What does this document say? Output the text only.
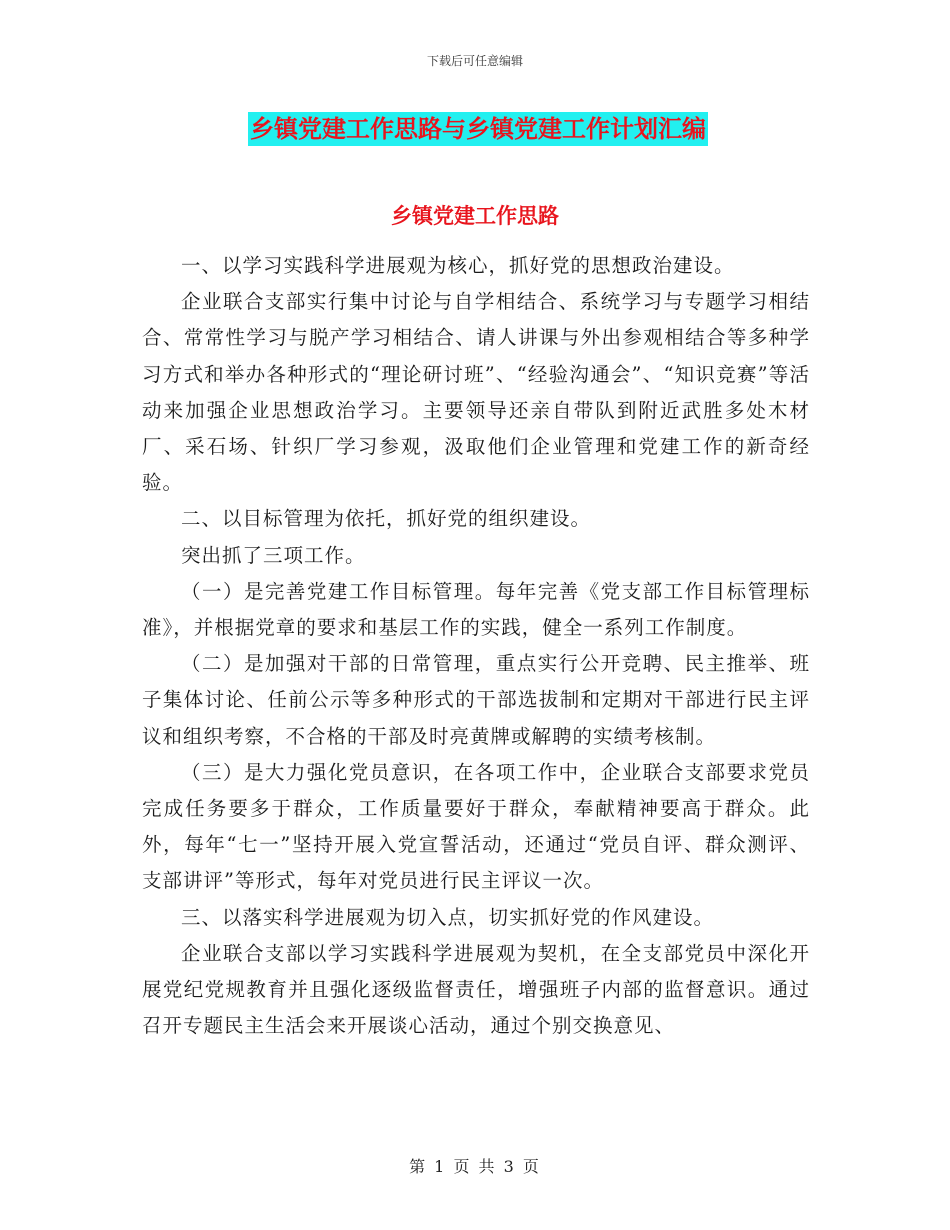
下载后可任意编辑
乡镇党建工作思路与乡镇党建工作计划汇编
乡镇党建工作思路

一、以学习实践科学进展观为核心，抓好党的思想政治建设。

企业联合支部实行集中讨论与自学相结合、系统学习与专题学习相结合、常常性学习与脱产学习相结合、请人讲课与外出参观相结合等多种学习方式和举办各种形式的“理论研讨班”、“经验沟通会”、“知识竞赛”等活动来加强企业思想政治学习。主要领导还亲自带队到附近武胜多处木材厂、采石场、针织厂学习参观，汲取他们企业管理和党建工作的新奇经验。

二、以目标管理为依托，抓好党的组织建设。

突出抓了三项工作。

（一）是完善党建工作目标管理。每年完善《党支部工作目标管理标准》，并根据党章的要求和基层工作的实践，健全一系列工作制度。

（二）是加强对干部的日常管理，重点实行公开竞聘、民主推举、班子集体讨论、任前公示等多种形式的干部选拔制和定期对干部进行民主评议和组织考察，不合格的干部及时亮黄牌或解聘的实绩考核制。

（三）是大力强化党员意识，在各项工作中，企业联合支部要求党员完成任务要多于群众，工作质量要好于群众，奉献精神要高于群众。此外，每年“七一”坚持开展入党宣誓活动，还通过“党员自评、群众测评、支部讲评”等形式，每年对党员进行民主评议一次。

三、以落实科学进展观为切入点，切实抓好党的作风建设。

企业联合支部以学习实践科学进展观为契机，在全支部党员中深化开展党纪党规教育并且强化逐级监督责任，增强班子内部的监督意识。通过召开专题民主生活会来开展谈心活动，通过个别交换意见、

第 1 页 共 3 页
